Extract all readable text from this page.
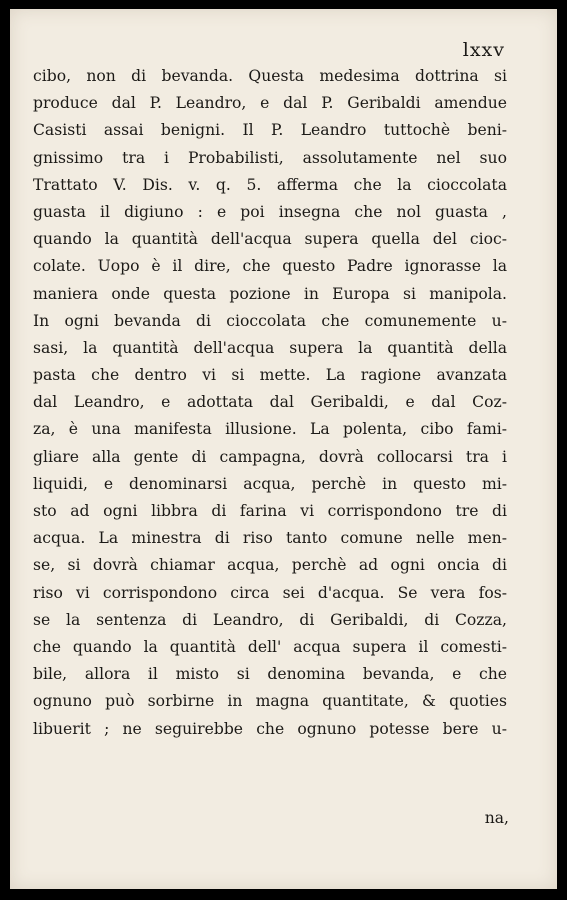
lxxv
cibo, non di bevanda. Questa medesima dottrina si
produce dal P. Leandro, e dal P. Geribaldi amendue
Casisti assai benigni. Il P. Leandro tuttochè beni-
gnissimo tra i Probabilisti, assolutamente nel suo
Trattato V. Dis. v. q. 5. afferma che la cioccolata
guasta il digiuno : e poi insegna che nol guasta ,
quando la quantità dell'acqua supera quella del cioc-
colate. Uopo è il dire, che questo Padre ignorasse la
maniera onde questa pozione in Europa si manipola.
In ogni bevanda di cioccolata che comunemente u-
sasi, la quantità dell'acqua supera la quantità della
pasta che dentro vi si mette. La ragione avanzata
dal Leandro, e adottata dal Geribaldi, e dal Coz-
za, è una manifesta illusione. La polenta, cibo fami-
gliare alla gente di campagna, dovrà collocarsi tra i
liquidi, e denominarsi acqua, perchè in questo mi-
sto ad ogni libbra di farina vi corrispondono tre di
acqua. La minestra di riso tanto comune nelle men-
se, si dovrà chiamar acqua, perchè ad ogni oncia di
riso vi corrispondono circa sei d'acqua. Se vera fos-
se la sentenza di Leandro, di Geribaldi, di Cozza,
che quando la quantità dell' acqua supera il comesti-
bile, allora il misto si denomina bevanda, e che
ognuno può sorbirne in magna quantitate, & quoties
libuerit ; ne seguirebbe che ognuno potesse bere u-
na,
